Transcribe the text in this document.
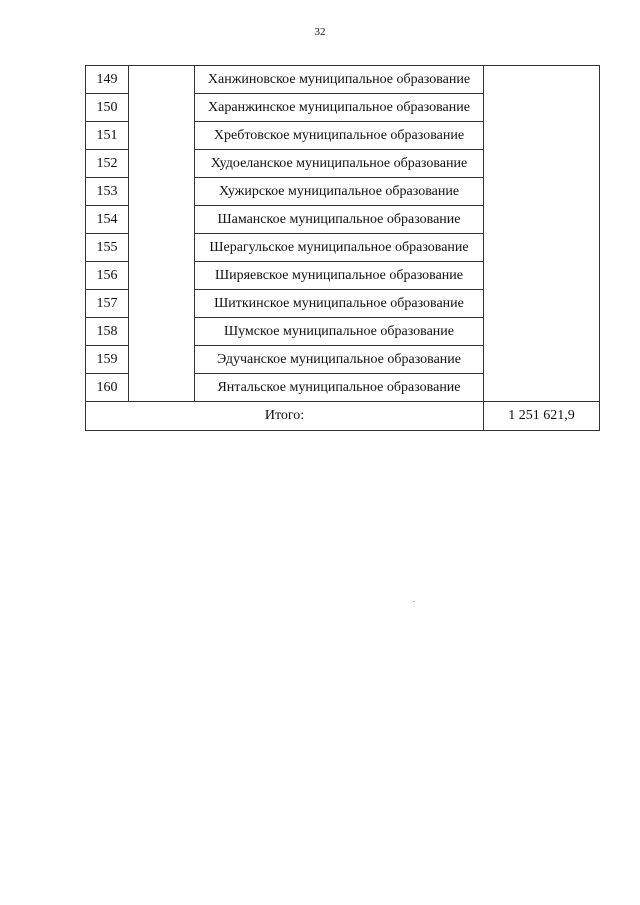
32
149		Ханжиновское муниципальное образование	
150		Харанжинское муниципальное образование	
151		Хребтовское муниципальное образование	
152		Худоеланское муниципальное образование	
153		Хужирское муниципальное образование	
154		Шаманское муниципальное образование	
155		Шерагульское муниципальное образование	
156		Ширяевское муниципальное образование	
157		Шиткинское муниципальное образование	
158		Шумское муниципальное образование	
159		Эдучанское муниципальное образование	
160		Янтальское муниципальное образование	
Итого:			1 251 621,9
